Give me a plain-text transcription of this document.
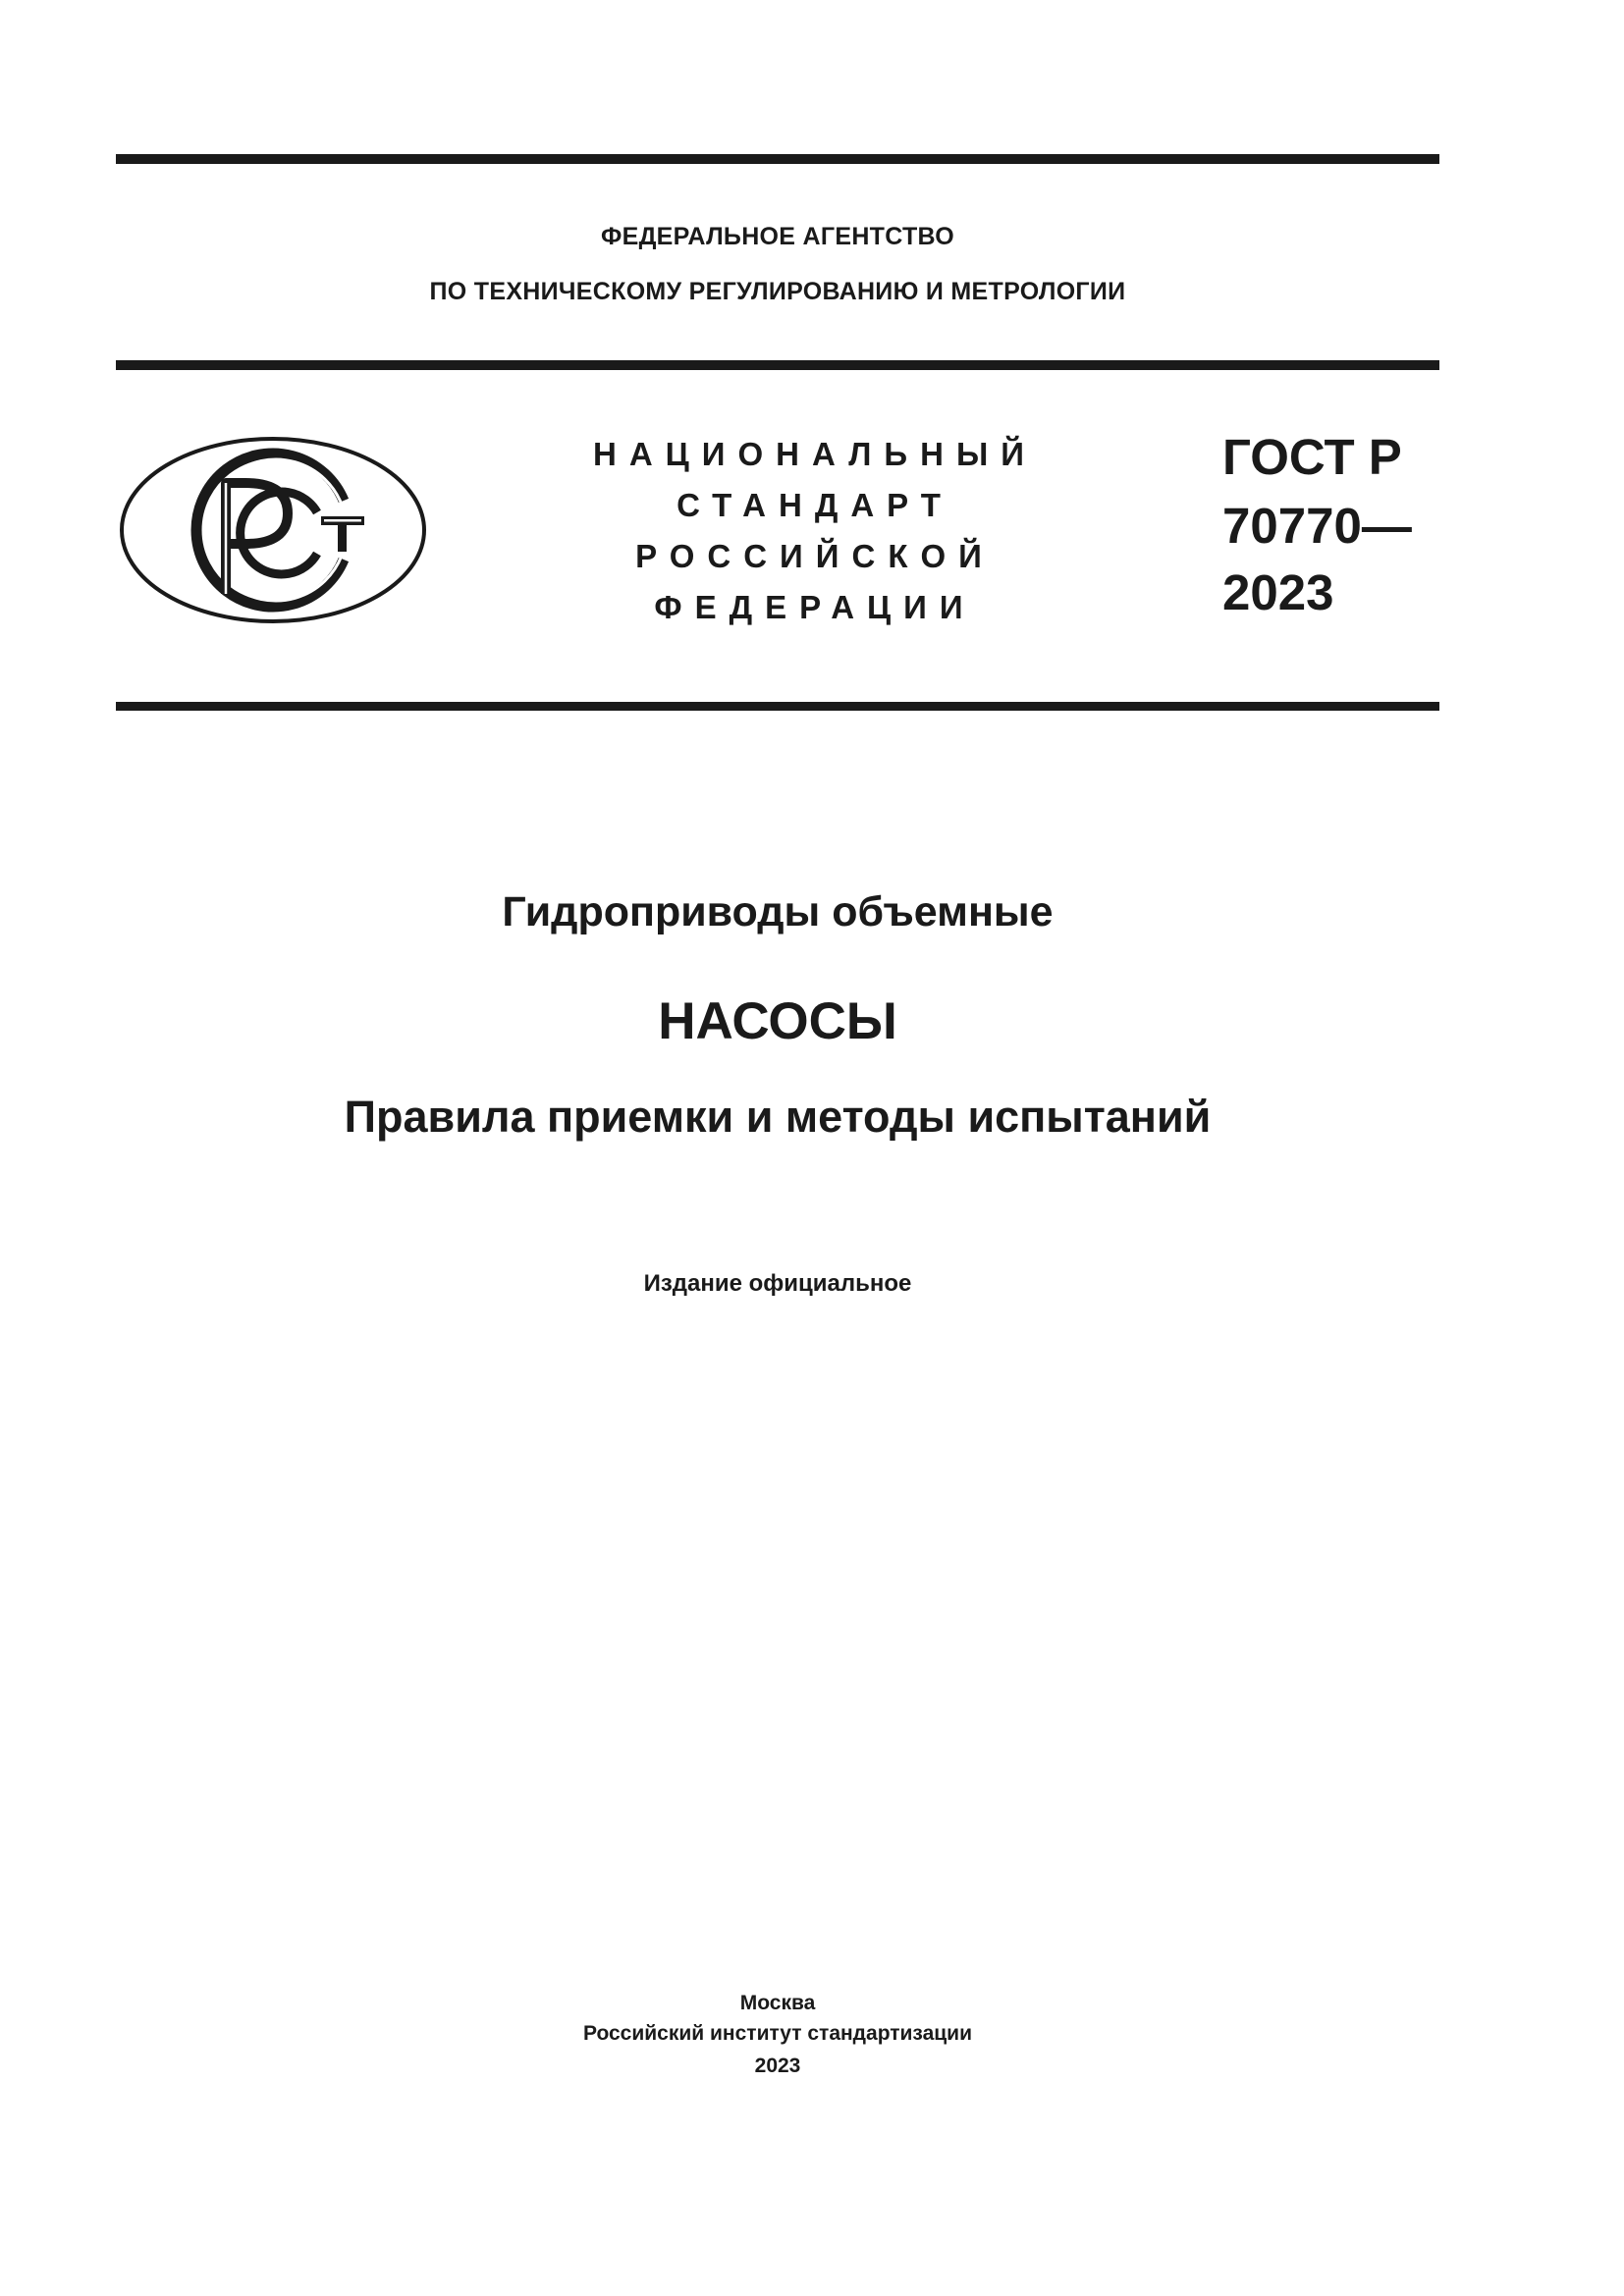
ФЕДЕРАЛЬНОЕ АГЕНТСТВО
ПО ТЕХНИЧЕСКОМУ РЕГУЛИРОВАНИЮ И МЕТРОЛОГИИ
НАЦИОНАЛЬНЫЙ
СТАНДАРТ
РОССИЙСКОЙ
ФЕДЕРАЦИИ
ГОСТ Р
70770—
2023
Гидроприводы объемные
НАСОСЫ
Правила приемки и методы испытаний
Издание официальное
Москва
Российский институт стандартизации
2023
